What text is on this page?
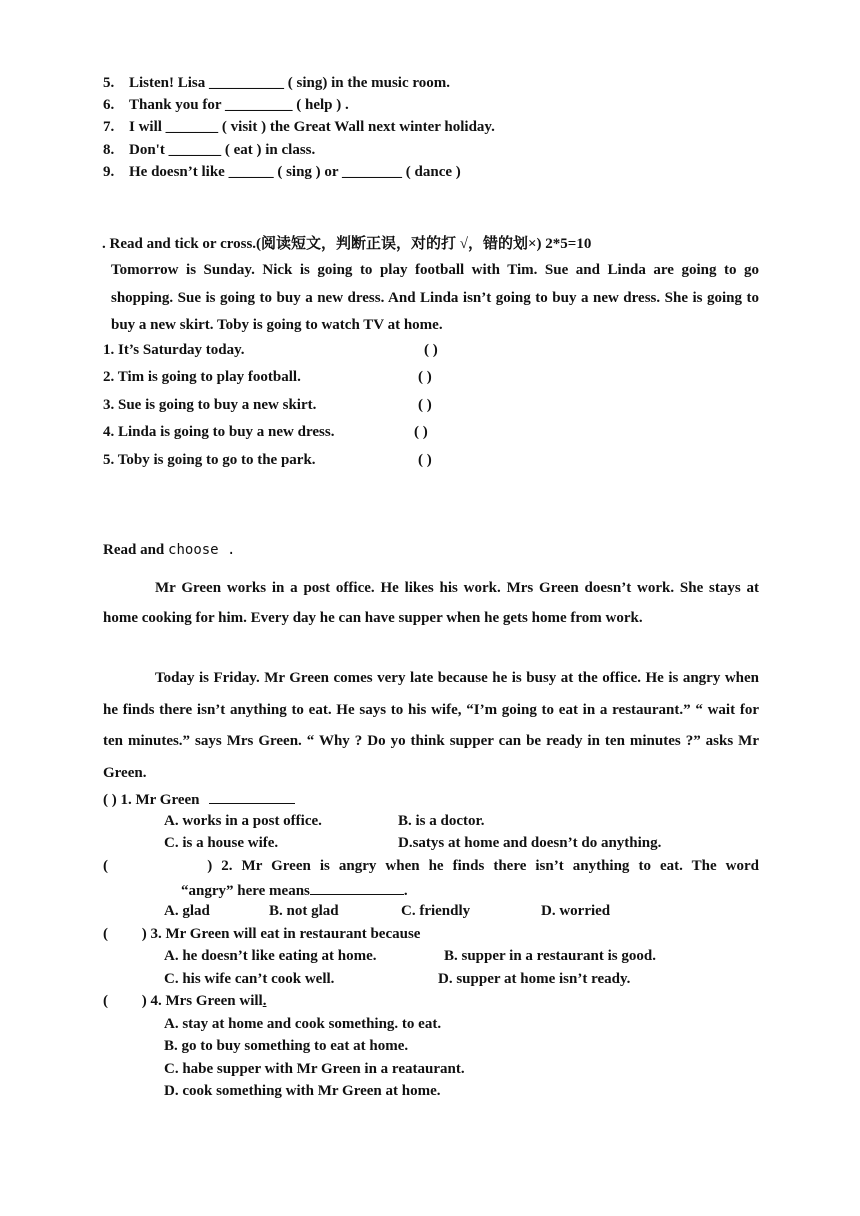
5. Listen! Lisa __________ ( sing) in the music room.
6. Thank you for _________ ( help ) .
7. I will _______ ( visit ) the Great Wall next winter holiday.
8. Don't _______ ( eat ) in class.
9. He doesn’t like ______ ( sing ) or ________ ( dance )
. Read and tick or cross.(阅读短文，判断正误，对的打 √，错的划×) 2*5=10
Tomorrow is Sunday. Nick is going to play football with Tim. Sue and Linda are going to go shopping. Sue is going to buy a new dress. And Linda isn’t going to buy a new dress. She is going to buy a new skirt. Toby is going to watch TV at home.
1. It’s Saturday today.	( )
2. Tim is going to play football.	( )
3. Sue is going to buy a new skirt.	( )
4. Linda is going to buy a new dress.	( )
5. Toby is going to go to the park.	( )
Read and choose .
Mr Green works in a post office. He likes his work. Mrs Green doesn’t work. She stays at home cooking for him. Every day he can have supper when he gets home from work.
Today is Friday. Mr Green comes very late because he is busy at the office. He is angry when he finds there isn’t anything to eat. He says to his wife, “I’m going to eat in a restaurant.” “ wait for ten minutes.” says Mrs Green. “ Why ? Do yo think supper can be ready in ten minutes ?” asks Mr Green.
( ) 1. Mr Green
A. works in a post office.	B. is a doctor.
C. is a house wife.	D.satys at home and doesn’t do anything.
(           ) 2. Mr Green is angry when he finds there isn’t anything to eat. The word
“angry” here means	.
A. glad	B. not glad	C. friendly	D. worried
(         ) 3. Mr Green will eat in restaurant because
A. he doesn’t like eating at home.	B. supper in a restaurant is good.
C. his wife can’t cook well.	D. supper at home isn’t ready.
(         ) 4. Mrs Green will.
A. stay at home and cook something. to eat.
B. go to buy something to eat at home.
C. habe supper with Mr Green in a reataurant.
D. cook something with Mr Green at home.
